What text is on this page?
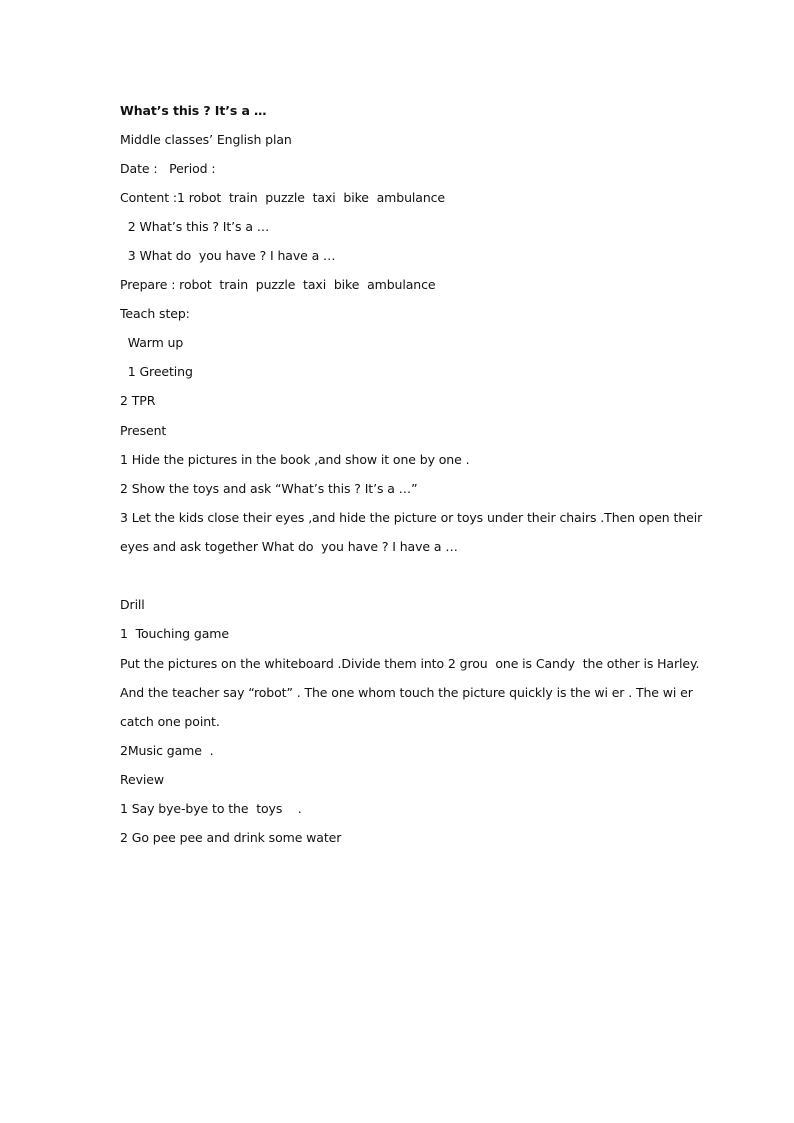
What’s this ? It’s a …
Middle classes’ English plan
Date :   Period :
Content :1 robot  train  puzzle  taxi  bike  ambulance
2 What’s this ? It’s a …
3 What do  you have ? I have a …
Prepare : robot  train  puzzle  taxi  bike  ambulance
Teach step:
Warm up
1 Greeting
2 TPR
Present
1 Hide the pictures in the book ,and show it one by one .
2 Show the toys and ask “What’s this ? It’s a …”
3 Let the kids close their eyes ,and hide the picture or toys under their chairs .Then open their
eyes and ask together What do  you have ? I have a …
Drill
1  Touching game
Put the pictures on the whiteboard .Divide them into 2 grou  one is Candy  the other is Harley.
And the teacher say “robot” . The one whom touch the picture quickly is the wi er . The wi er
catch one point.
2Music game  .
Review
1 Say bye-bye to the  toys    .
2 Go pee pee and drink some water
